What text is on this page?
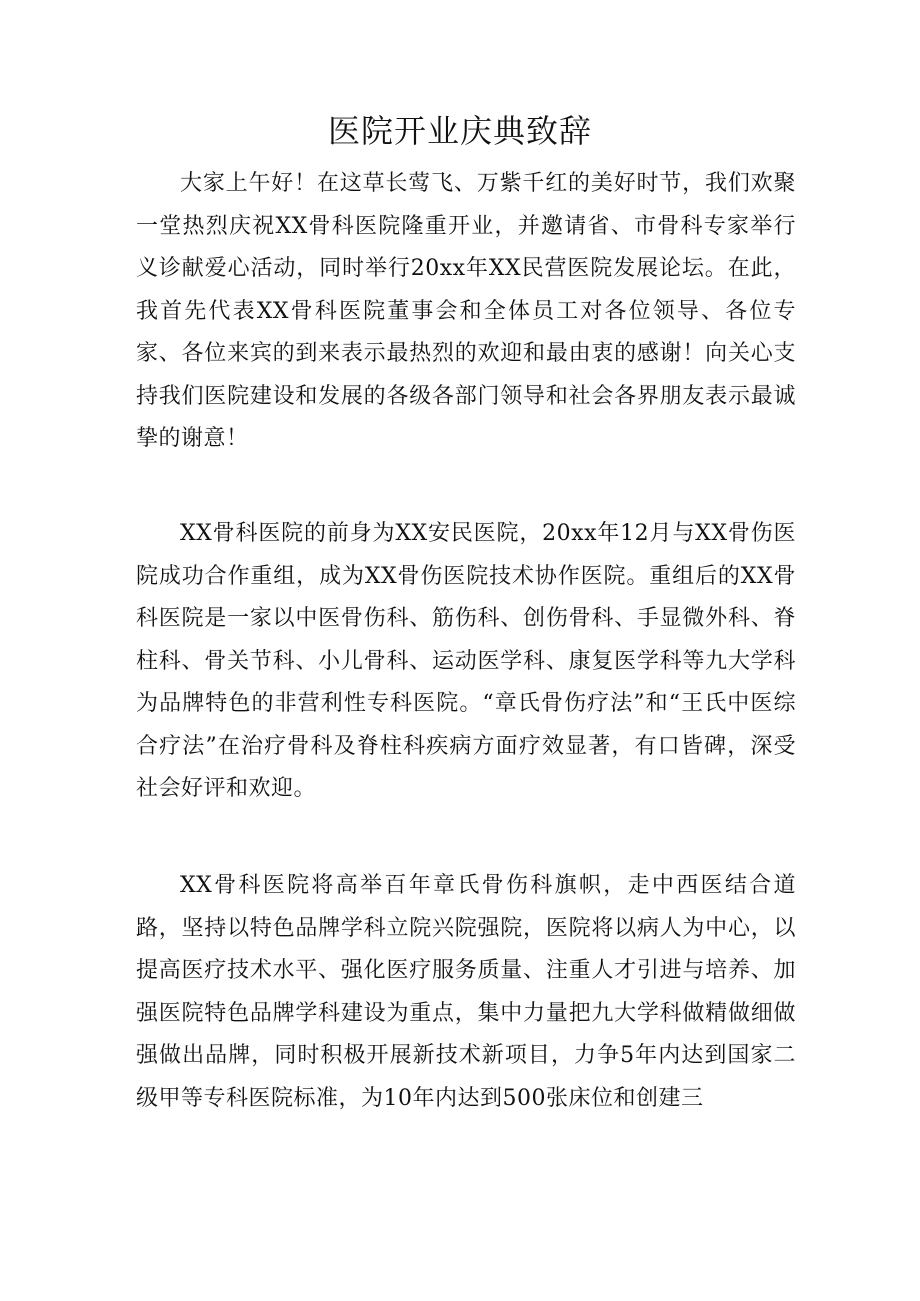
医院开业庆典致辞

大家上午好！在这草长莺飞、万紫千红的美好时节，我们欢聚一堂热烈庆祝XX骨科医院隆重开业，并邀请省、市骨科专家举行义诊献爱心活动，同时举行20xx年XX民营医院发展论坛。在此，我首先代表XX骨科医院董事会和全体员工对各位领导、各位专家、各位来宾的到来表示最热烈的欢迎和最由衷的感谢！向关心支持我们医院建设和发展的各级各部门领导和社会各界朋友表示最诚挚的谢意！

XX骨科医院的前身为XX安民医院，20xx年12月与XX骨伤医院成功合作重组，成为XX骨伤医院技术协作医院。重组后的XX骨科医院是一家以中医骨伤科、筋伤科、创伤骨科、手显微外科、脊柱科、骨关节科、小儿骨科、运动医学科、康复医学科等九大学科为品牌特色的非营利性专科医院。“章氏骨伤疗法”和“王氏中医综合疗法”在治疗骨科及脊柱科疾病方面疗效显著，有口皆碑，深受社会好评和欢迎。

XX骨科医院将高举百年章氏骨伤科旗帜，走中西医结合道路，坚持以特色品牌学科立院兴院强院，医院将以病人为中心，以提高医疗技术水平、强化医疗服务质量、注重人才引进与培养、加强医院特色品牌学科建设为重点，集中力量把九大学科做精做细做强做出品牌，同时积极开展新技术新项目，力争5年内达到国家二级甲等专科医院标准，为10年内达到500张床位和创建三
